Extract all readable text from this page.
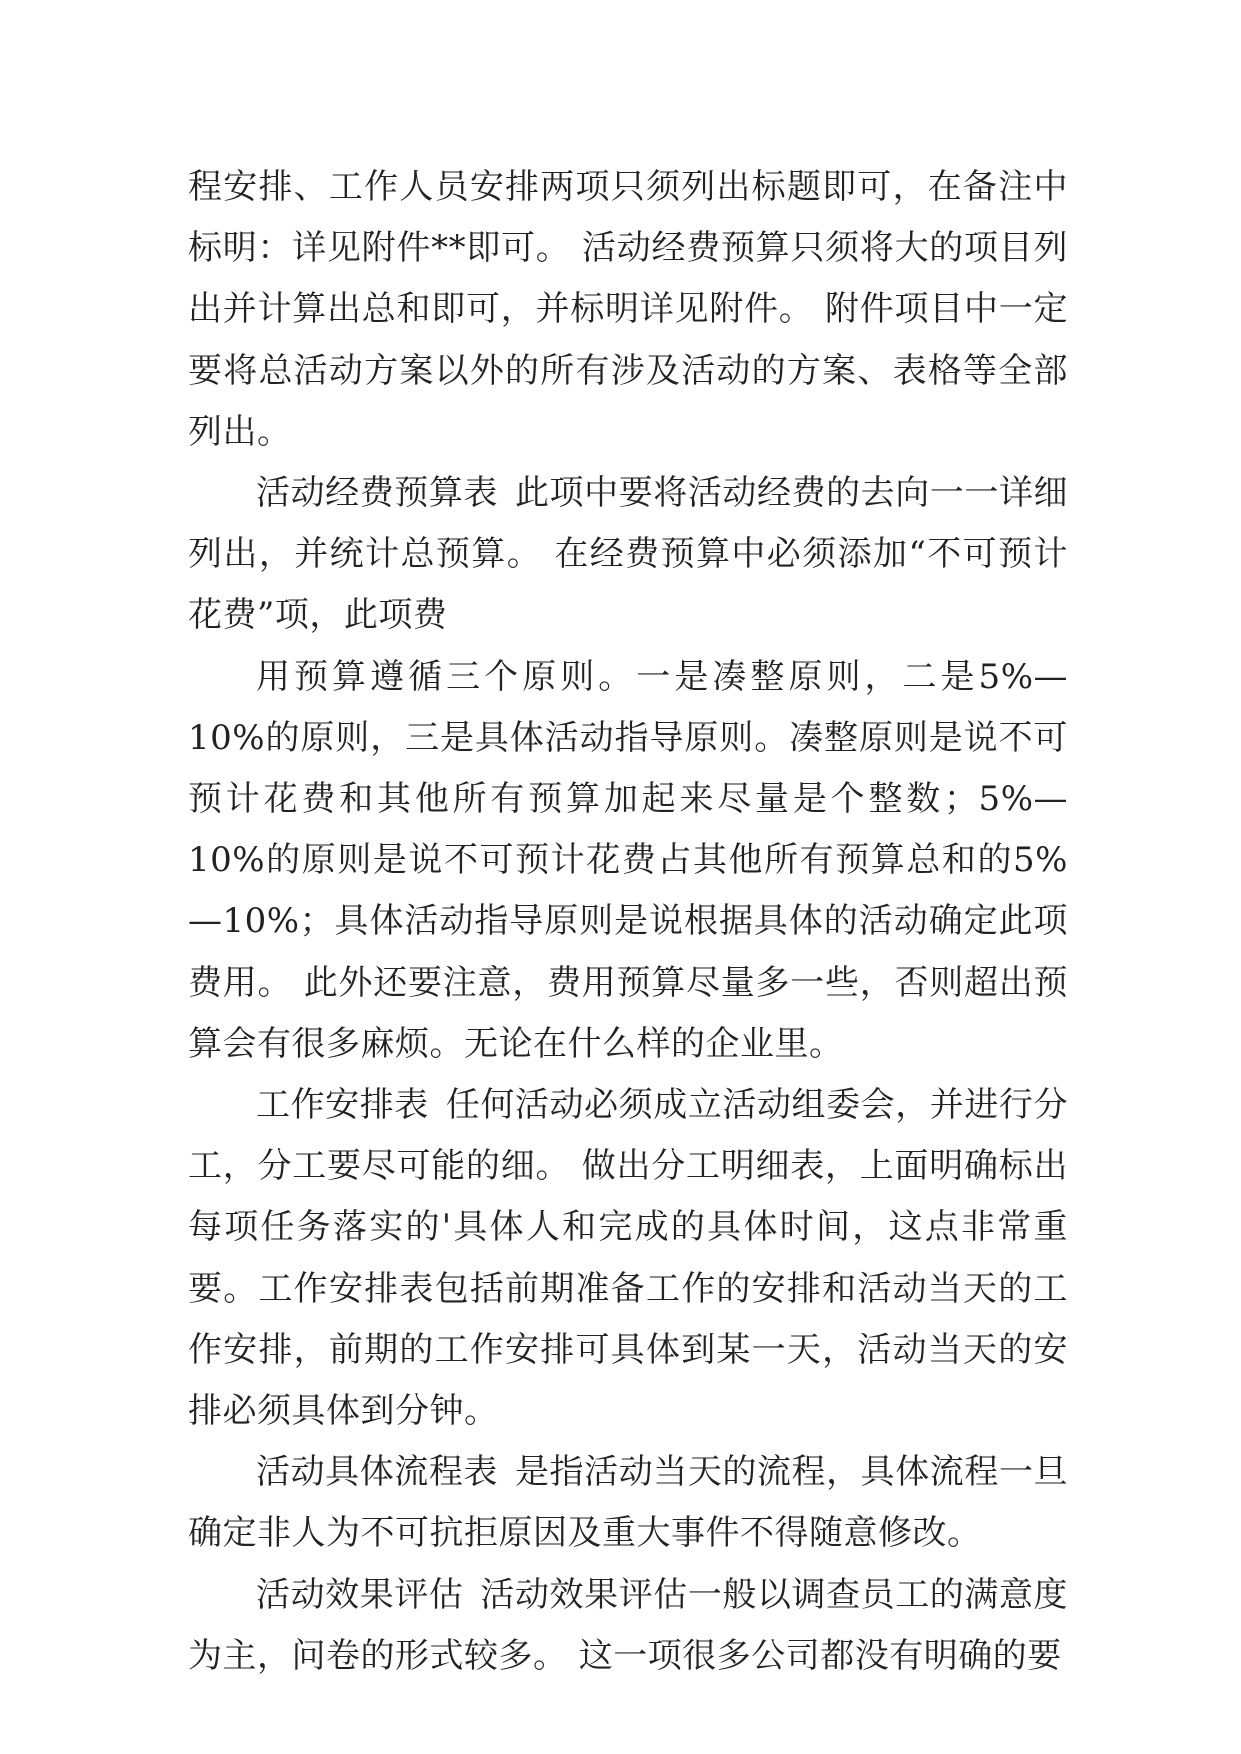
程安排、工作人员安排两项只须列出标题即可，在备注中标明：详见附件**即可。 活动经费预算只须将大的项目列出并计算出总和即可，并标明详见附件。 附件项目中一定要将总活动方案以外的所有涉及活动的方案、表格等全部列出。

活动经费预算表 此项中要将活动经费的去向一一详细列出，并统计总预算。 在经费预算中必须添加“不可预计花费”项，此项费

用预算遵循三个原则。一是凑整原则，二是5%—10%的原则，三是具体活动指导原则。凑整原则是说不可预计花费和其他所有预算加起来尽量是个整数；5%—10%的原则是说不可预计花费占其他所有预算总和的5%—10%；具体活动指导原则是说根据具体的活动确定此项费用。 此外还要注意，费用预算尽量多一些，否则超出预算会有很多麻烦。无论在什么样的企业里。

工作安排表 任何活动必须成立活动组委会，并进行分工，分工要尽可能的细。 做出分工明细表，上面明确标出每项任务落实的'具体人和完成的具体时间，这点非常重要。工作安排表包括前期准备工作的安排和活动当天的工作安排，前期的工作安排可具体到某一天，活动当天的安排必须具体到分钟。

活动具体流程表 是指活动当天的流程，具体流程一旦确定非人为不可抗拒原因及重大事件不得随意修改。

活动效果评估 活动效果评估一般以调查员工的满意度为主，问卷的形式较多。 这一项很多公司都没有明确的要
